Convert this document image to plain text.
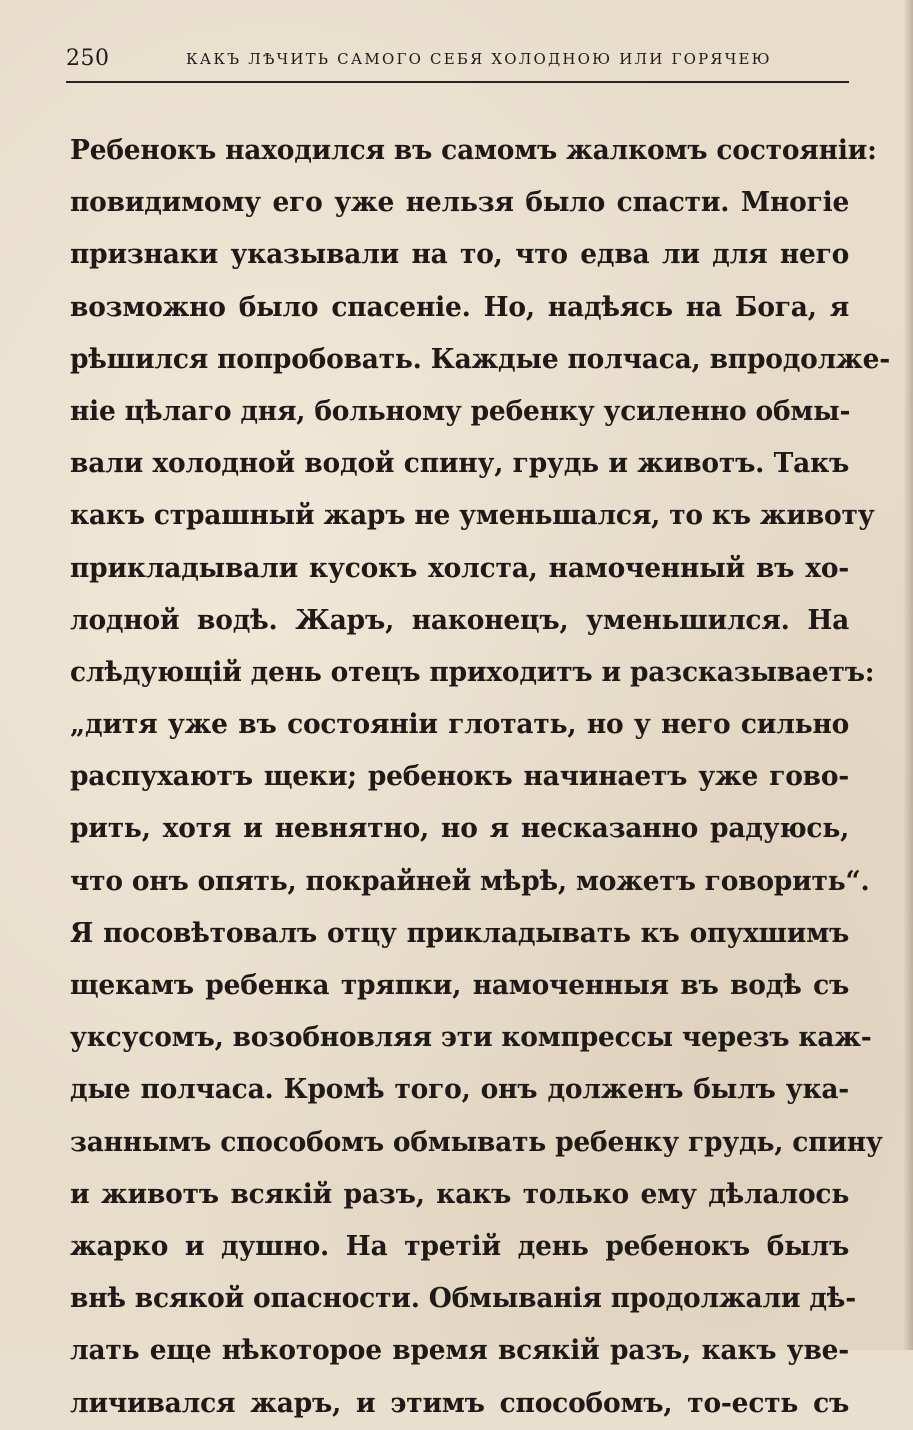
250	КАКЪ ЛѢЧИТЬ САМОГО СЕБЯ ХОЛОДНОЮ ИЛИ ГОРЯЧЕЮ
Ребенокъ находился въ самомъ жалкомъ состояніи:
повидимому его уже нельзя было спасти. Многіе
признаки указывали на то, что едва ли для него
возможно было спасеніе. Но, надѣясь на Бога, я
рѣшился попробовать. Каждые полчаса, впродолже-
ніе цѣлаго дня, больному ребенку усиленно обмы-
вали холодной водой спину, грудь и животъ. Такъ
какъ страшный жаръ не уменьшался, то къ животу
прикладывали кусокъ холста, намоченный въ хо-
лодной водѣ. Жаръ, наконецъ, уменьшился. На
слѣдующій день отецъ приходитъ и разсказываетъ:
„дитя уже въ состояніи глотать, но у него сильно
распухаютъ щеки; ребенокъ начинаетъ уже гово-
рить, хотя и невнятно, но я несказанно радуюсь,
что онъ опять, покрайней мѣрѣ, можетъ говорить“.
Я посовѣтовалъ отцу прикладывать къ опухшимъ
щекамъ ребенка тряпки, намоченныя въ водѣ съ
уксусомъ, возобновляя эти компрессы черезъ каж-
дые полчаса. Кромѣ того, онъ долженъ былъ ука-
заннымъ способомъ обмывать ребенку грудь, спину
и животъ всякій разъ, какъ только ему дѣлалось
жарко и душно. На третій день ребенокъ былъ
внѣ всякой опасности. Обмыванія продолжали дѣ-
лать еще нѣкоторое время всякій разъ, какъ уве-
личивался жаръ, и этимъ способомъ, то-есть съ
